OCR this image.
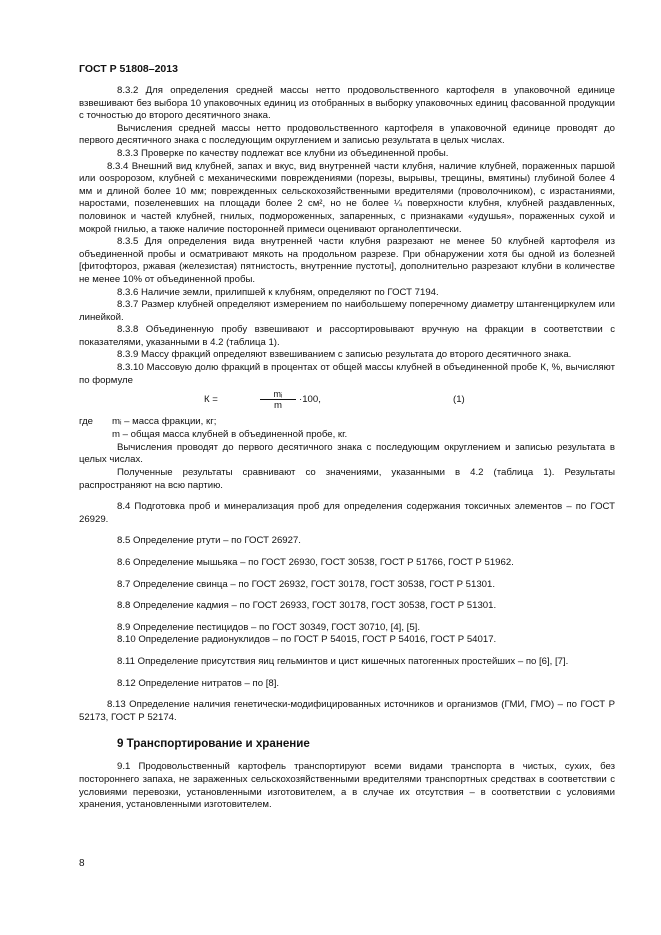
ГОСТ Р 51808–2013

8.3.2 Для определения средней массы нетто продовольственного картофеля в упаковочной единице взвешивают без выбора 10 упаковочных единиц из отобранных в выборку упаковочных единиц фасованной продукции с точностью до второго десятичного знака.

Вычисления средней массы нетто продовольственного картофеля в упаковочной единице проводят до первого десятичного знака с последующим округлением и записью результата в целых числах.

8.3.3 Проверке по качеству подлежат все клубни из объединенной пробы.

8.3.4 Внешний вид клубней, запах и вкус, вид внутренней части клубня, наличие клубней, пораженных паршой или оospорозом, клубней с механическими повреждениями (порезы, вырывы, трещины, вмятины) глубиной более 4 мм и длиной более 10 мм; поврежденных сельскохозяйственными вредителями (проволочником), с израстаниями, наростами, позеленевших на площади более 2 см², но не более ¼ поверхности клубня, клубней раздавленных, половинок и частей клубней, гнилых, подмороженных, запаренных, с признаками «удушья», пораженных сухой и мокрой гнилью, а также наличие посторонней примеси оценивают органолептически.

8.3.5 Для определения вида внутренней части клубня разрезают не менее 50 клубней картофеля из объединенной пробы и осматривают мякоть на продольном разрезе. При обнаружении хотя бы одной из болезней [фитофтороз, ржавая (железистая) пятнистость, внутренние пустоты], дополнительно разрезают клубни в количестве не менее 10% от объединенной пробы.

8.3.6 Наличие земли, прилипшей к клубням, определяют по ГОСТ 7194.

8.3.7 Размер клубней определяют измерением по наибольшему поперечному диаметру штангенциркулем или линейкой.

8.3.8 Объединенную пробу взвешивают и рассортировывают вручную на фракции в соответствии с показателями, указанными в 4.2 (таблица 1).

8.3.9 Массу фракций определяют взвешиванием с записью результата до второго десятичного знака.

8.3.10 Массовую долю фракций в процентах от общей массы клубней в объединенной пробе К, %, вычисляют по формуле

К =	mᵢ
m
·100,	(1)
где mᵢ – масса фракции, кг;
m – общая масса клубней в объединенной пробе, кг.

Вычисления проводят до первого десятичного знака с последующим округлением и записью результата в целых числах.

Полученные результаты сравнивают со значениями, указанными в 4.2 (таблица 1). Результаты распространяют на всю партию.

8.4 Подготовка проб и минерализация проб для определения содержания токсичных элементов – по ГОСТ 26929.

8.5 Определение ртути – по ГОСТ 26927.

8.6 Определение мышьяка – по ГОСТ 26930, ГОСТ 30538, ГОСТ Р 51766, ГОСТ Р 51962.

8.7 Определение свинца – по ГОСТ 26932, ГОСТ 30178, ГОСТ 30538, ГОСТ Р 51301.

8.8 Определение кадмия – по ГОСТ 26933, ГОСТ 30178, ГОСТ 30538, ГОСТ Р 51301.

8.9 Определение пестицидов – по ГОСТ 30349, ГОСТ 30710, [4], [5].

8.10 Определение радионуклидов – по ГОСТ Р 54015, ГОСТ Р 54016, ГОСТ Р 54017.

8.11 Определение присутствия яиц гельминтов и цист кишечных патогенных простейших – по [6], [7].

8.12 Определение нитратов – по [8].

8.13 Определение наличия генетически-модифицированных источников и организмов (ГМИ, ГМО) – по ГОСТ Р 52173, ГОСТ Р 52174.

9 Транспортирование и хранение

9.1 Продовольственный картофель транспортируют всеми видами транспорта в чистых, сухих, без постороннего запаха, не зараженных сельскохозяйственными вредителями транспортных средствах в соответствии с условиями перевозки, установленными изготовителем, а в случае их отсутствия – в соответствии с условиями хранения, установленными изготовителем.

8
